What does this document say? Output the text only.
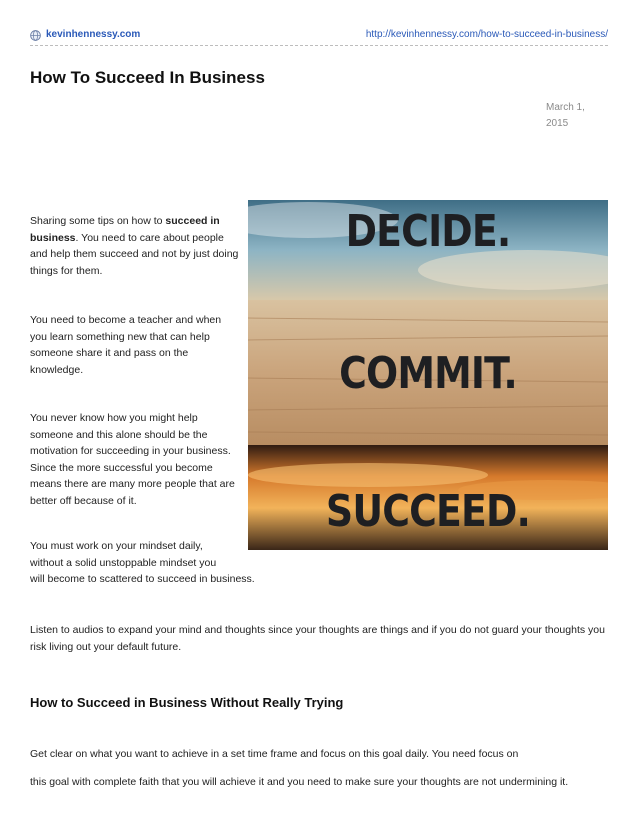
kevinhennessy.com	http://kevinhennessy.com/how-to-succeed-in-business/
How To Succeed In Business
March 1,
2015
Sharing some tips on how to succeed in business. You need to care about people and help them succeed and not by just doing things for them.
You need to become a teacher and when you learn something new that can help someone share it and pass on the knowledge.
You never know how you might help someone and this alone should be the motivation for succeeding in your business. Since the more successful you become means there are many more people that are better off because of it.
You must work on your mindset daily,
without a solid unstoppable mindset you
will become to scattered to succeed in business.
Listen to audios to expand your mind and thoughts since your thoughts are things and if you do not guard your thoughts you risk living out your default future.
How to Succeed in Business Without Really Trying
Get clear on what you want to achieve in a set time frame and focus on this goal daily. You need focus on
this goal with complete faith that you will achieve it and you need to make sure your thoughts are not undermining it.
DECIDE.
COMMIT.
SUCCEED.
